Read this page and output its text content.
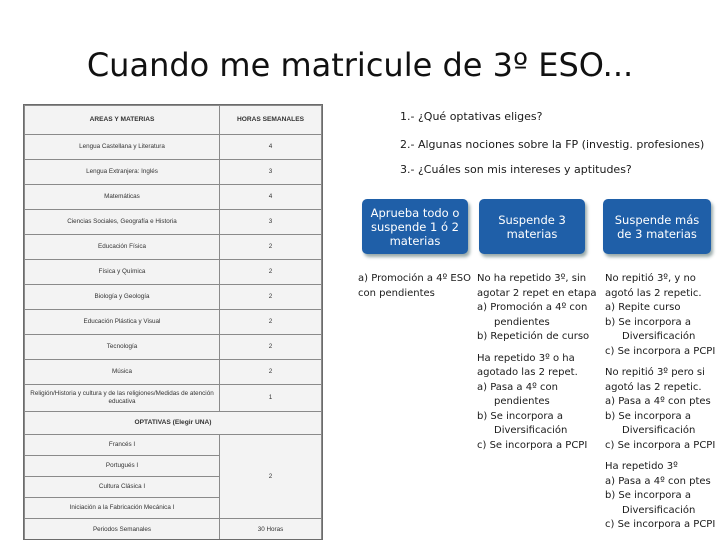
Cuando me matricule de 3º ESO...
AREAS Y MATERIAS	HORAS SEMANALES
Lengua Castellana y Literatura	4
Lengua Extranjera: Inglés	3
Matemáticas	4
Ciencias Sociales, Geografía e Historia	3
Educación Física	2
Física y Química	2
Biología y Geología	2
Educación Plástica y Visual	2
Tecnología	2
Música	2
Religión/Historia y cultura y de las religiones/Medidas de atención educativa	1
OPTATIVAS (Elegir UNA)	
Francés I	2
Portugués I	
Cultura Clásica I	
Iniciación a la Fabricación Mecánica I	
Periodos Semanales	30 Horas
1.- ¿Qué optativas eliges?
2.- Algunas nociones sobre la FP (investig. profesiones)
3.- ¿Cuáles son mis intereses y aptitudes?
Aprueba todo o
suspende 1 ó 2
materias
Suspende 3
materias
Suspende más
de 3 materias
a) Promoción a 4º ESO
con pendientes
No ha repetido 3º, sin
agotar 2 repet en etapa
a) Promoción a 4º con
pendientes
b) Repetición de curso
Ha repetido 3º o ha
agotado las 2 repet.
a) Pasa a 4º con
pendientes
b) Se incorpora a
Diversificación
c) Se incorpora a PCPI
No repitió 3º, y no
agotó las 2 repetic.
a) Repite curso
b) Se incorpora a
Diversificación
c) Se incorpora a PCPI
No repitió 3º pero si
agotó las 2 repetic.
a) Pasa a 4º con ptes
b) Se incorpora a
Diversificación
c) Se incorpora a PCPI
Ha repetido 3º
a) Pasa a 4º con ptes
b) Se incorpora a
Diversificación
c) Se incorpora a PCPI
